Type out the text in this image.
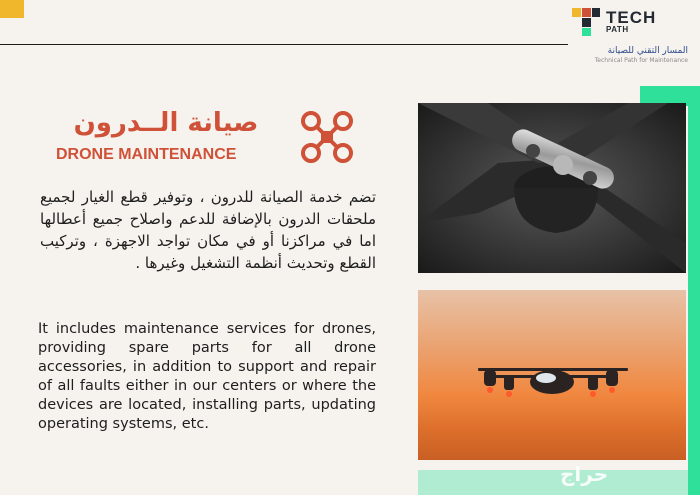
TECH
PATH
المسار التقني للصيانة
Technical Path for Maintenance
صيانة الــدرون
DRONE MAINTENANCE
تضم خدمة الصيانة للدرون ، وتوفير قطع الغيار لجميع ملحقات الدرون بالإضافة للدعم واصلاح جميع أعطالها اما في مراكزنا أو في مكان تواجد الاجهزة ، وتركيب القطع وتحديث أنظمة التشغيل وغيرها .
It includes maintenance services for drones, providing spare parts for all drone accessories, in addition to support and repair of all faults either in our centers or where the devices are located, installing parts, updating operating systems, etc.
حراج
